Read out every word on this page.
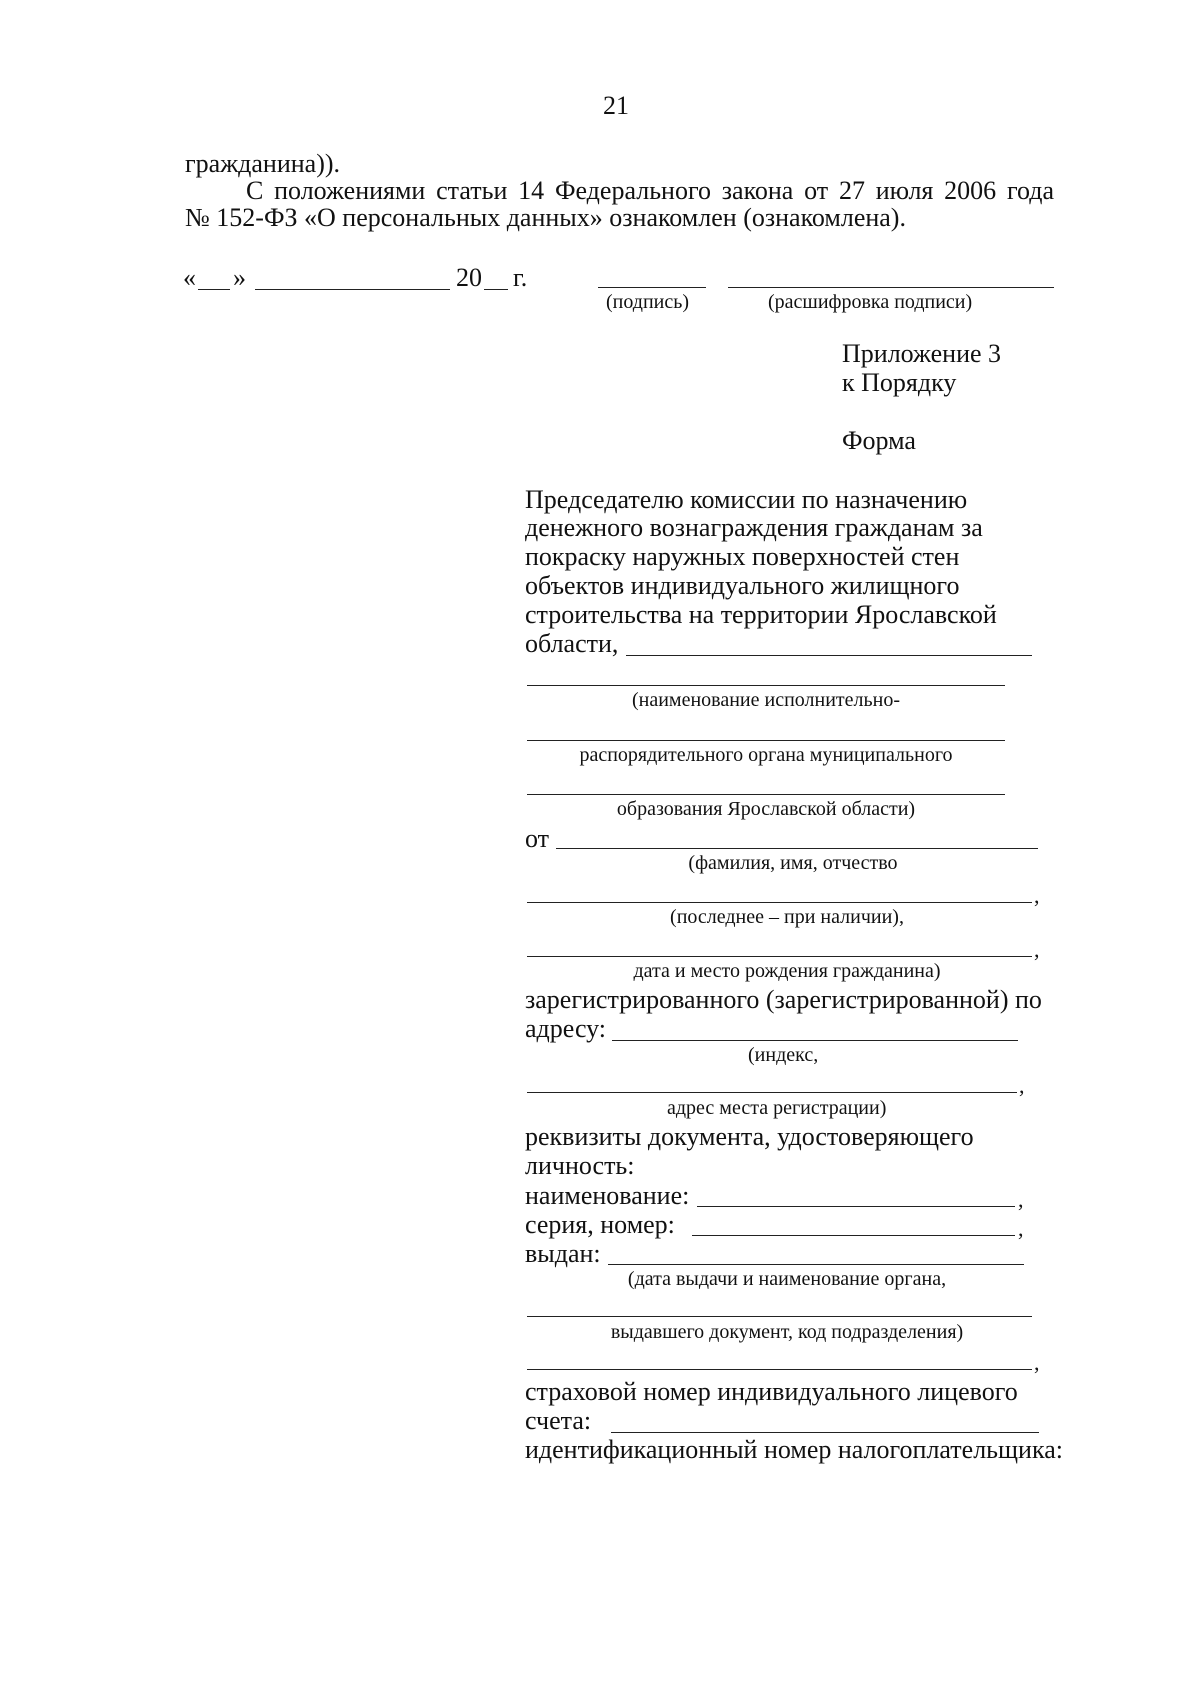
21
гражданина)).
С положениями статьи 14 Федерального закона от 27 июля 2006 года
№ 152-ФЗ «О персональных данных» ознакомлен (ознакомлена).
« »	20 г.
(подпись)	(расшифровка подписи)
Приложение 3
к Порядку
Форма
Председателю комиссии по назначению
денежного вознаграждения гражданам за
покраску наружных поверхностей стен
объектов индивидуального жилищного
строительства на территории Ярославской
области,
(наименование исполнительно-
распорядительного органа муниципального
образования Ярославской области)
от
(фамилия, имя, отчество
,
(последнее – при наличии),
,
дата и место рождения гражданина)
зарегистрированного (зарегистрированной) по
адресу:
(индекс,
,
адрес места регистрации)
реквизиты документа, удостоверяющего
личность:
наименование:	,
серия, номер:	,
выдан:
(дата выдачи и наименование органа,
выдавшего документ, код подразделения)
,
страховой номер индивидуального лицевого
счета:
идентификационный номер налогоплательщика:
